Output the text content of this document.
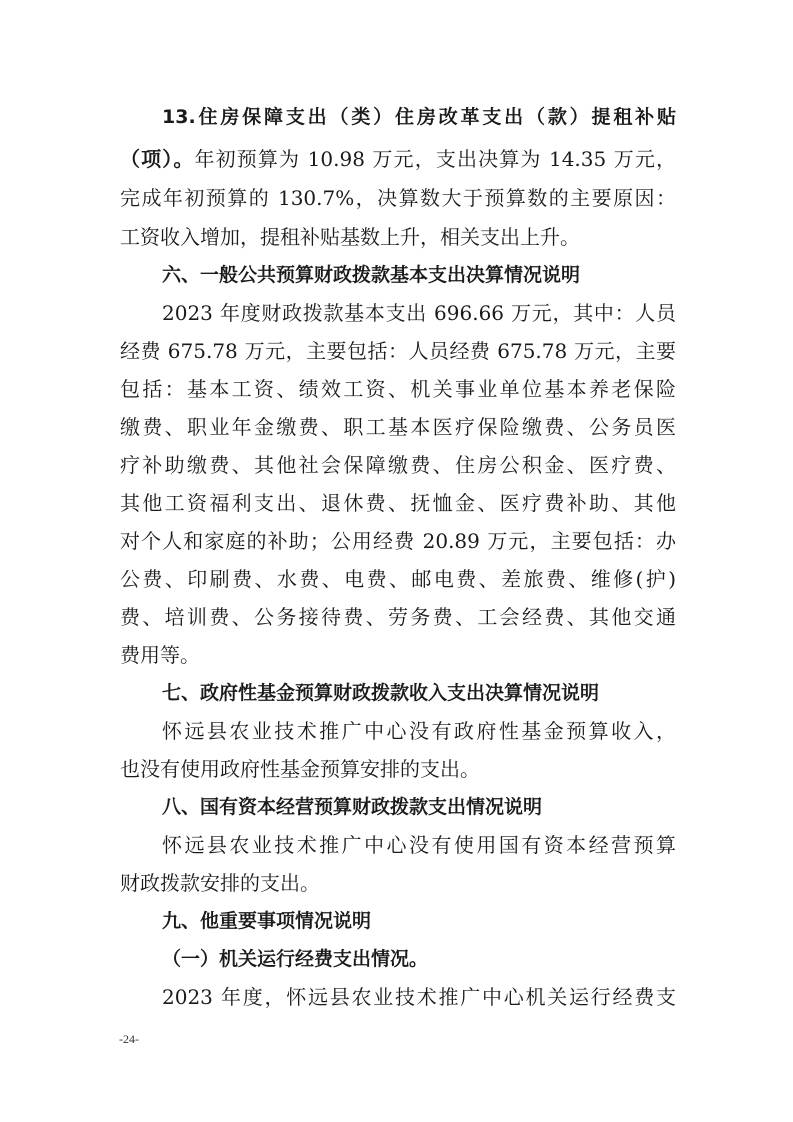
13.住房保障支出（类）住房改革支出（款）提租补贴
（项）。年初预算为 10.98 万元，支出决算为 14.35 万元，
完成年初预算的 130.7%，决算数大于预算数的主要原因：
工资收入增加，提租补贴基数上升，相关支出上升。
六、一般公共预算财政拨款基本支出决算情况说明
2023 年度财政拨款基本支出 696.66 万元，其中：人员
经费 675.78 万元，主要包括：人员经费 675.78 万元，主要
包括：基本工资、绩效工资、机关事业单位基本养老保险
缴费、职业年金缴费、职工基本医疗保险缴费、公务员医
疗补助缴费、其他社会保障缴费、住房公积金、医疗费、
其他工资福利支出、退休费、抚恤金、医疗费补助、其他
对个人和家庭的补助；公用经费 20.89 万元，主要包括：办
公费、印刷费、水费、电费、邮电费、差旅费、维修(护)
费、培训费、公务接待费、劳务费、工会经费、其他交通
费用等。
七、政府性基金预算财政拨款收入支出决算情况说明
怀远县农业技术推广中心没有政府性基金预算收入，
也没有使用政府性基金预算安排的支出。
八、国有资本经营预算财政拨款支出情况说明
怀远县农业技术推广中心没有使用国有资本经营预算
财政拨款安排的支出。
九、他重要事项情况说明
（一）机关运行经费支出情况。
2023 年度，怀远县农业技术推广中心机关运行经费支
-24-
